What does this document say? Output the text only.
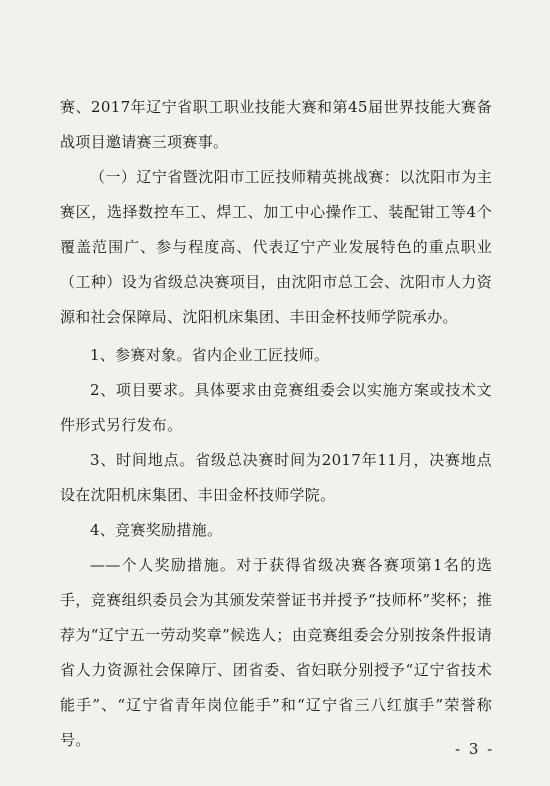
赛、2017年辽宁省职工职业技能大赛和第45届世界技能大赛备战项目邀请赛三项赛事。

（一）辽宁省暨沈阳市工匠技师精英挑战赛：以沈阳市为主赛区，选择数控车工、焊工、加工中心操作工、装配钳工等4个覆盖范围广、参与程度高、代表辽宁产业发展特色的重点职业（工种）设为省级总决赛项目，由沈阳市总工会、沈阳市人力资源和社会保障局、沈阳机床集团、丰田金杯技师学院承办。

1、参赛对象。省内企业工匠技师。

2、项目要求。具体要求由竞赛组委会以实施方案或技术文件形式另行发布。

3、时间地点。省级总决赛时间为2017年11月，决赛地点设在沈阳机床集团、丰田金杯技师学院。

4、竞赛奖励措施。

——个人奖励措施。对于获得省级决赛各赛项第1名的选手，竞赛组织委员会为其颁发荣誉证书并授予“技师杯”奖杯；推荐为“辽宁五一劳动奖章”候选人；由竞赛组委会分别按条件报请省人力资源社会保障厅、团省委、省妇联分别授予“辽宁省技术能手”、“辽宁省青年岗位能手”和“辽宁省三八红旗手”荣誉称号。	- 3 -
